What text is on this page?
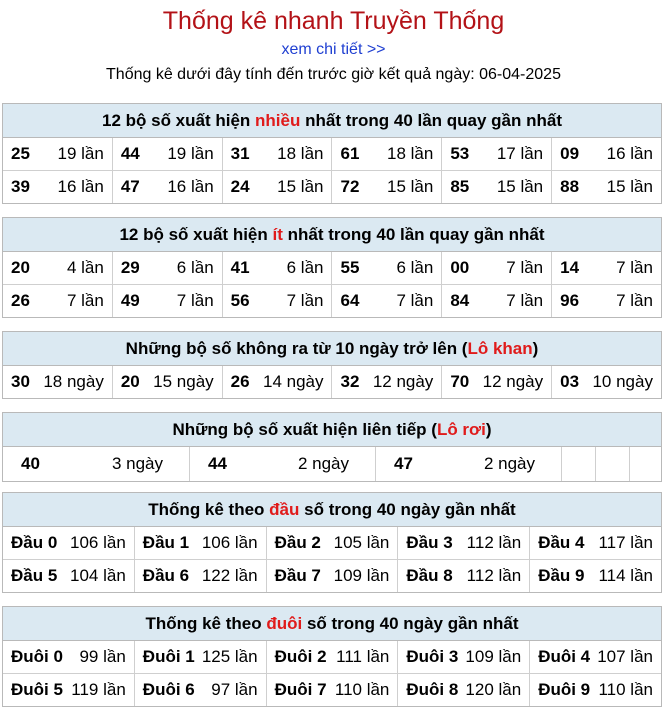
Thống kê nhanh Truyền Thống
xem chi tiết >>
Thống kê dưới đây tính đến trước giờ kết quả ngày: 06-04-2025
12 bộ số xuất hiện nhiều nhất trong 40 lần quay gần nhất
25 19 lần 44 19 lần 31 18 lần 61 18 lần 53 17 lần 09 16 lần
39 16 lần 47 16 lần 24 15 lần 72 15 lần 85 15 lần 88 15 lần
12 bộ số xuất hiện ít nhất trong 40 lần quay gần nhất
20 4 lần 29 6 lần 41 6 lần 55 6 lần 00 7 lần 14 7 lần
26 7 lần 49 7 lần 56 7 lần 64 7 lần 84 7 lần 96 7 lần
Những bộ số không ra từ 10 ngày trở lên (Lô khan)
30 18 ngày 20 15 ngày 26 14 ngày 32 12 ngày 70 12 ngày 03 10 ngày
Những bộ số xuất hiện liên tiếp (Lô rơi)
40	3 ngày	44	2 ngày	47	2 ngày
Thống kê theo đầu số trong 40 ngày gần nhất
Đầu 0 106 lần Đầu 1 106 lần Đầu 2 105 lần Đầu 3 112 lần Đầu 4 117 lần
Đầu 5 104 lần Đầu 6 122 lần Đầu 7 109 lần Đầu 8 112 lần Đầu 9 114 lần
Thống kê theo đuôi số trong 40 ngày gần nhất
Đuôi 0 99 lần Đuôi 1 125 lần Đuôi 2 111 lần Đuôi 3 109 lần Đuôi 4 107 lần
Đuôi 5 119 lần Đuôi 6 97 lần Đuôi 7 110 lần Đuôi 8 120 lần Đuôi 9 110 lần
